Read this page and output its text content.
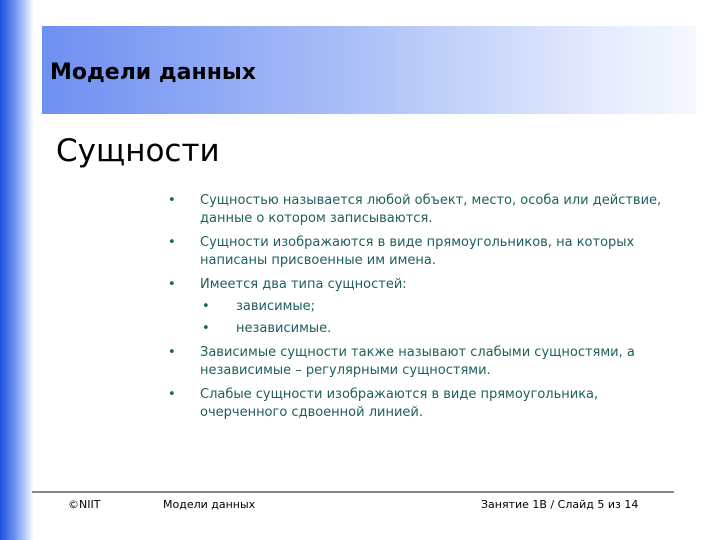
Модели данных
Сущности
• Сущностью называется любой объект, место, особа или действие, данные о котором записываются.
• Сущности изображаются в виде прямоугольников, на которых написаны присвоенные им имена.
• Имеется два типа сущностей:
• зависимые;
• независимые.
• Зависимые сущности также называют слабыми сущностями, а независимые – регулярными сущностями.
• Слабые сущности изображаются в виде прямоугольника, очерченного сдвоенной линией.
©NIIT	Модели данных	Занятие 1В / Слайд 5 из 14
